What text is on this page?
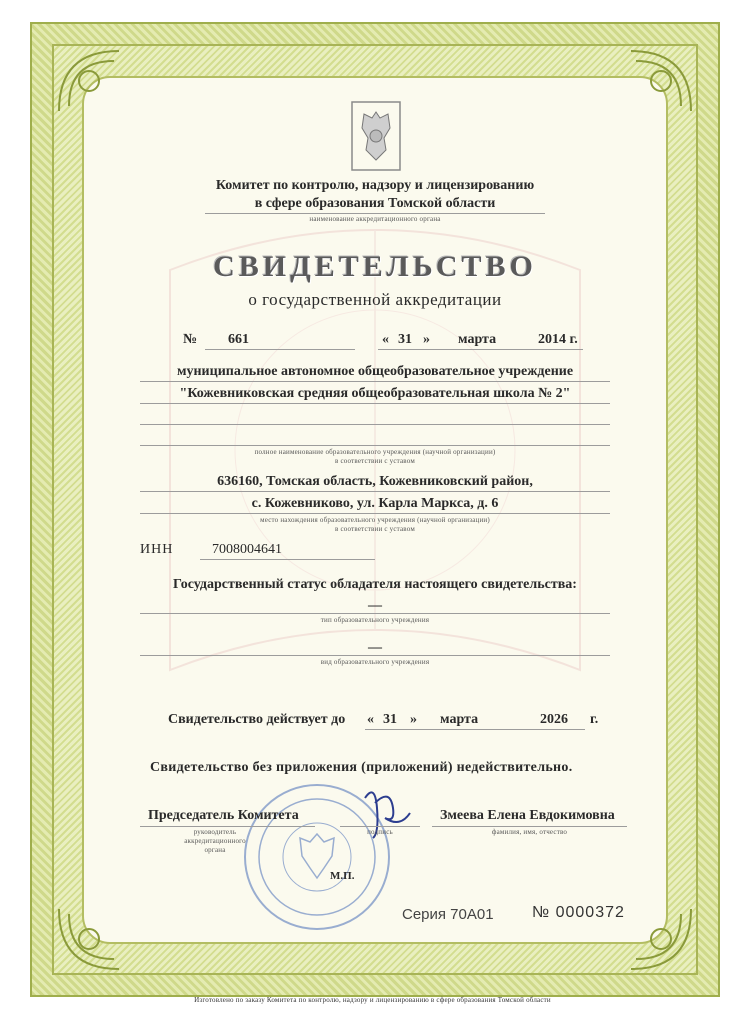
Комитет по контролю, надзору и лицензированию
в сфере образования Томской области
наименование аккредитационного органа
СВИДЕТЕЛЬСТВО
о государственной аккредитации
№ 661	« 31 » марта	2014 г.
муниципальное автономное общеобразовательное учреждение
"Кожевниковская средняя общеобразовательная школа № 2"
полное наименование образовательного учреждения (научной организации)
в соответствии с уставом
636160, Томская область, Кожевниковский район,
с. Кожевниково, ул. Карла Маркса, д. 6
место нахождения образовательного учреждения (научной организации)
в соответствии с уставом
ИНН	7008004641
Государственный статус обладателя настоящего свидетельства:
—
тип образовательного учреждения
—
вид образовательного учреждения
Свидетельство действует до « 31 » марта	2026 г.
Свидетельство без приложения (приложений) недействительно.
Председатель Комитета
руководитель
аккредитационного
органа
подпись
Змеева Елена Евдокимовна
фамилия, имя, отчество
М.П.
Серия 70А01 № 0000372
Изготовлено по заказу Комитета по контролю, надзору и лицензированию в сфере образования Томской области
